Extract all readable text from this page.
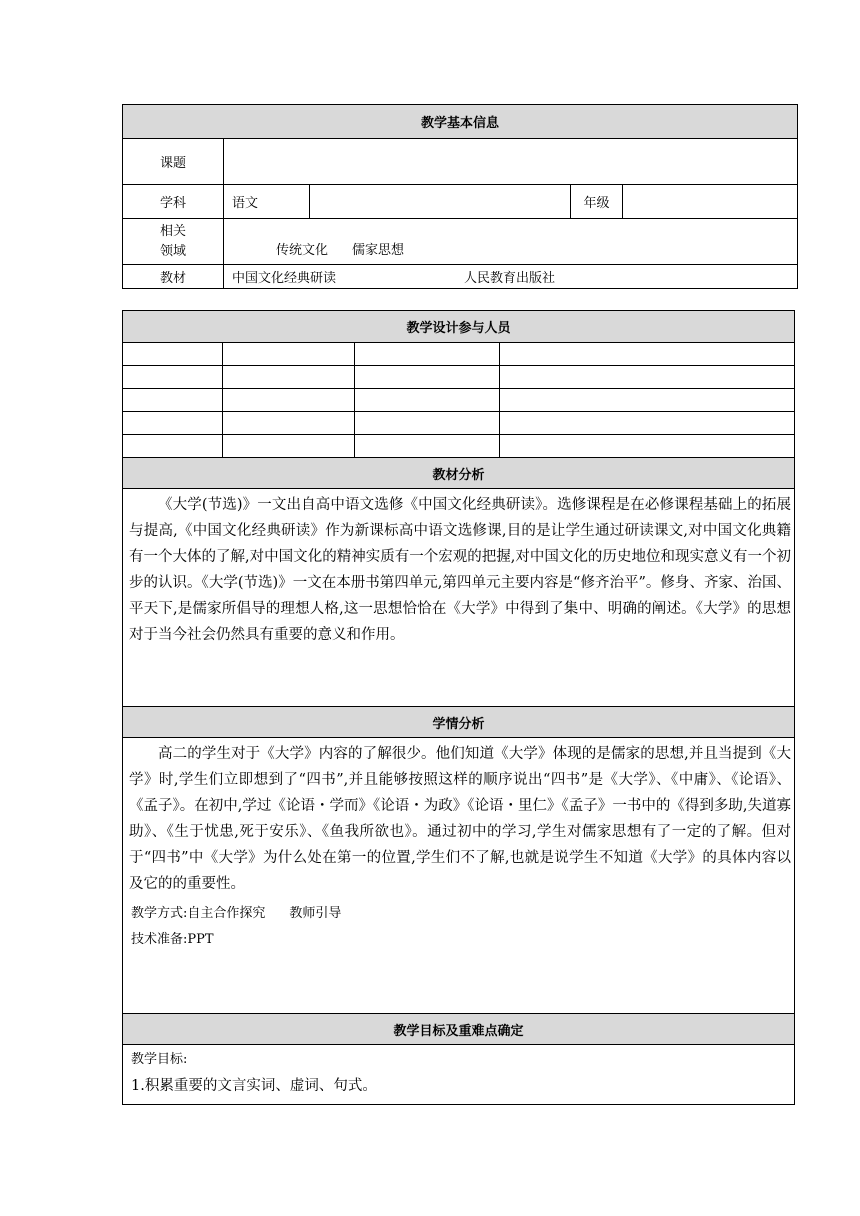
教学基本信息				
课题				
学科	语文		年级	
相关
领域	传统文化 儒家思想			
教材	中国文化经典研读 人民教育出版社			
教学设计参与人员			

教材分析			

《大学(节选)》一文出自高中语文选修《中国文化经典研读》。选修课程是在必修课程基础上的拓展与提高,《中国文化经典研读》作为新课标高中语文选修课,目的是让学生通过研读课文,对中国文化典籍有一个大体的了解,对中国文化的精神实质有一个宏观的把握,对中国文化的历史地位和现实意义有一个初步的认识。《大学(节选)》一文在本册书第四单元,第四单元主要内容是“修齐治平”。修身、齐家、治国、平天下,是儒家所倡导的理想人格,这一思想恰恰在《大学》中得到了集中、明确的阐述。《大学》的思想对于当今社会仍然具有重要的意义和作用。			

学情分析			

高二的学生对于《大学》内容的了解很少。他们知道《大学》体现的是儒家的思想,并且当提到《大学》时,学生们立即想到了“四书”,并且能够按照这样的顺序说出“四书”是《大学》、《中庸》、《论语》、《孟子》。在初中,学过《论语・学而》《论语・为政》《论语・里仁》《孟子》一书中的《得到多助,失道寡助》、《生于忧患,死于安乐》、《鱼我所欲也》。通过初中的学习,学生对儒家思想有了一定的了解。但对于“四书”中《大学》为什么处在第一的位置,学生们不了解,也就是说学生不知道《大学》的具体内容以及它的的重要性。
教学方式:自主合作探究 教师引导
技术准备:PPT			

教学目标及重难点确定			

教学目标:
1.积累重要的文言实词、虚词、句式。			
